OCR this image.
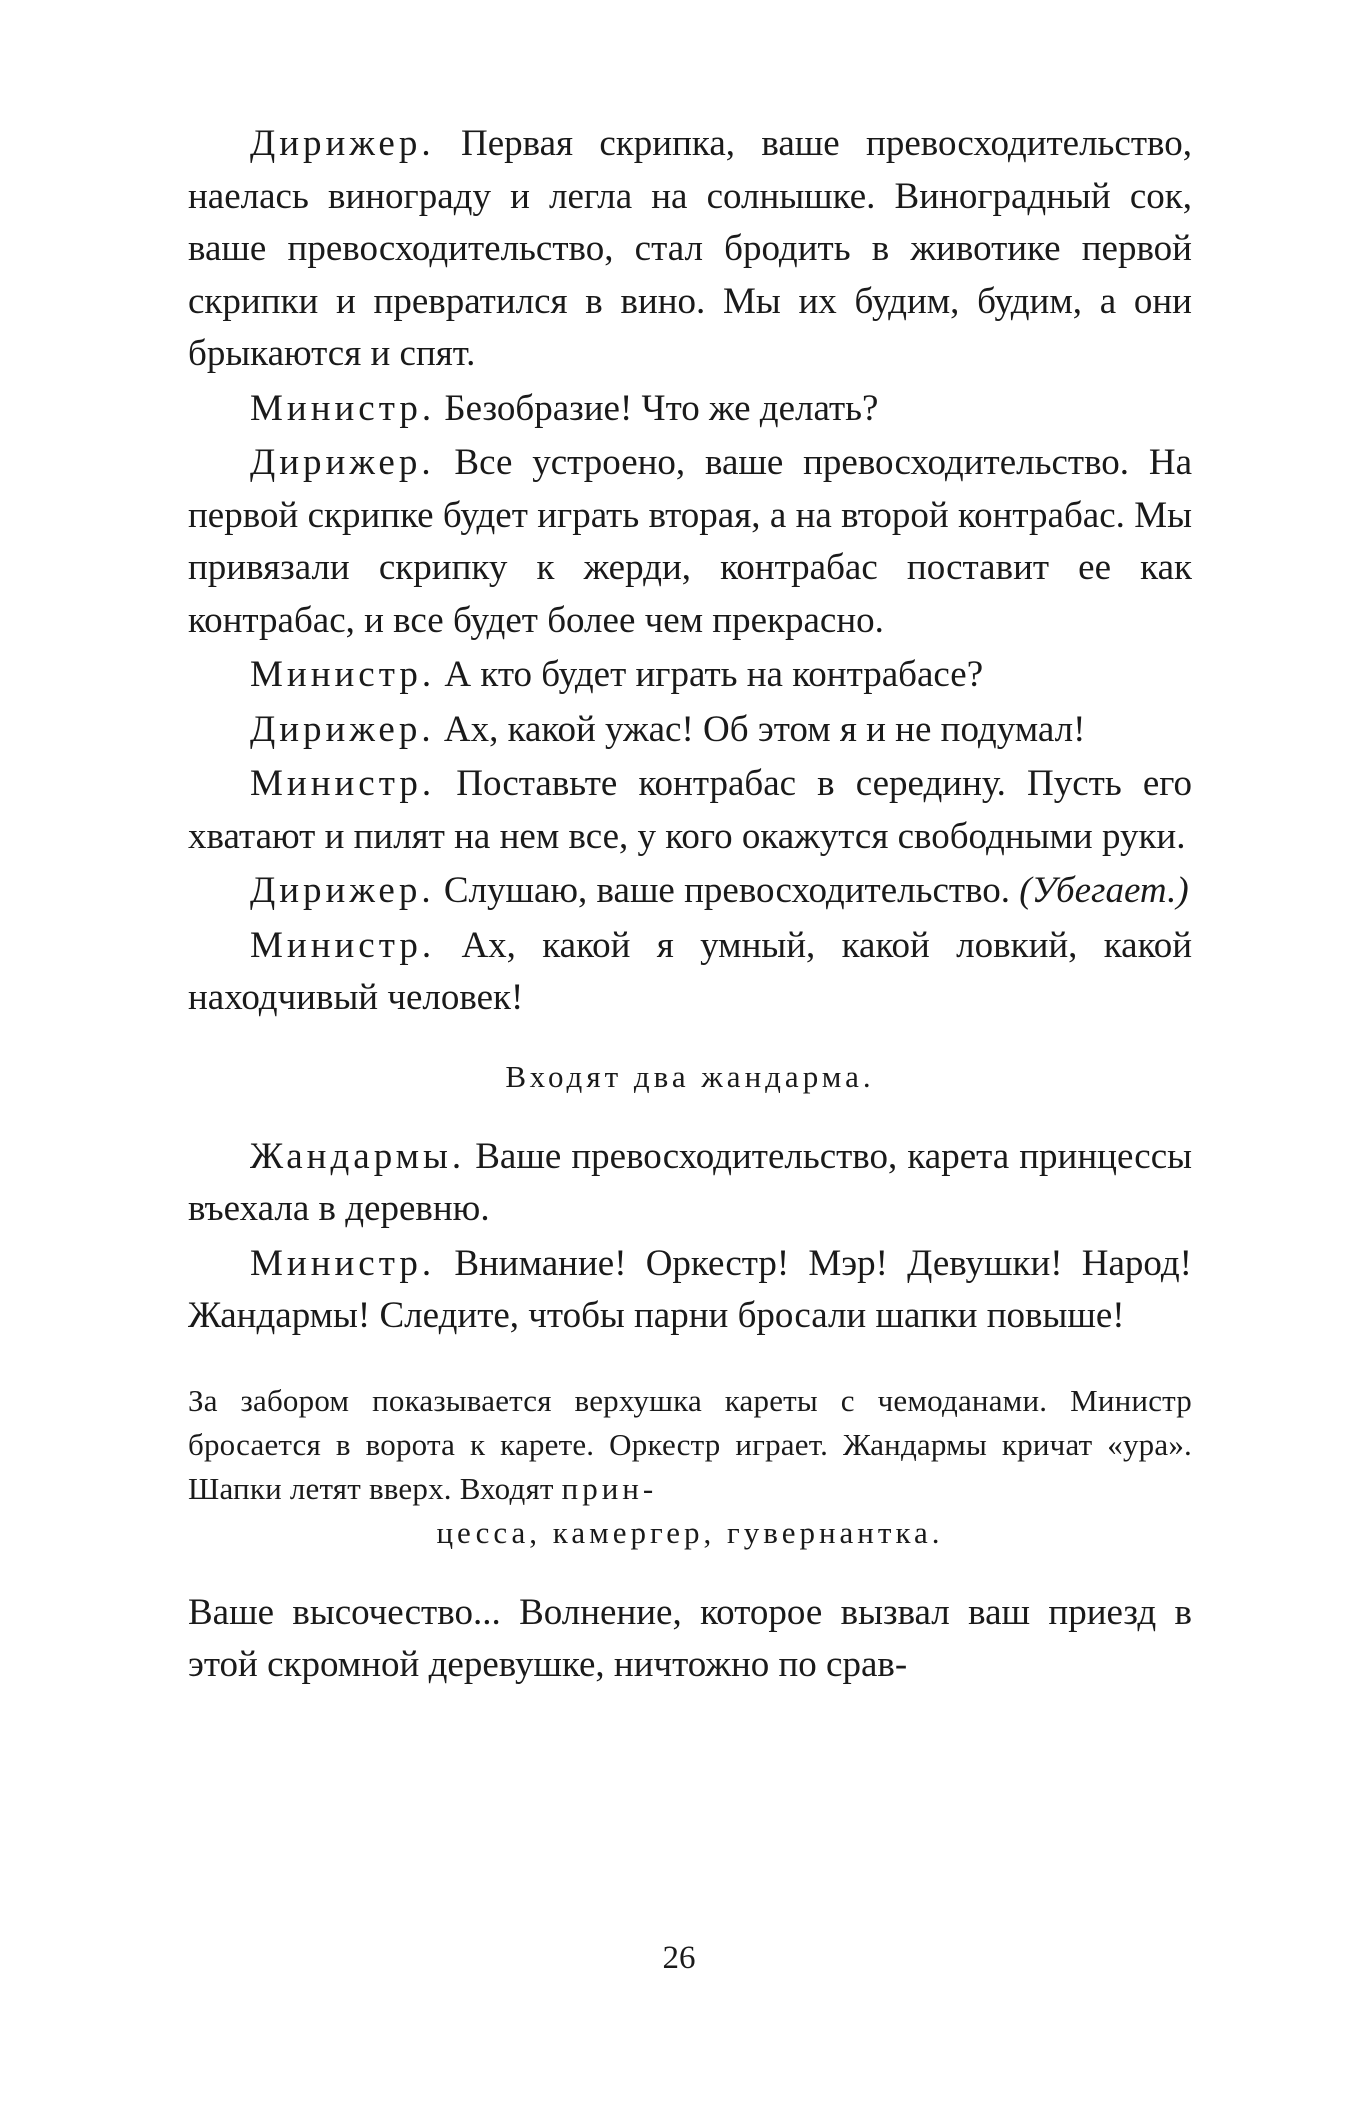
Дирижер. Первая скрипка, ваше превосходительство, наелась винограду и легла на солнышке. Виноградный сок, ваше превосходительство, стал бродить в животике первой скрипки и превратился в вино. Мы их будим, будим, а они брыкаются и спят.

Министр. Безобразие! Что же делать?

Дирижер. Все устроено, ваше превосходительство. На первой скрипке будет играть вторая, а на второй контрабас. Мы привязали скрипку к жерди, контрабас поставит ее как контрабас, и все будет более чем прекрасно.

Министр. А кто будет играть на контрабасе?

Дирижер. Ах, какой ужас! Об этом я и не подумал!

Министр. Поставьте контрабас в середину. Пусть его хватают и пилят на нем все, у кого окажутся свободными руки.

Дирижер. Слушаю, ваше превосходительство. (Убегает.)

Министр. Ах, какой я умный, какой ловкий, какой находчивый человек!

Входят два жандарма.

Жандармы. Ваше превосходительство, карета принцессы въехала в деревню.

Министр. Внимание! Оркестр! Мэр! Девушки! Народ! Жандармы! Следите, чтобы парни бросали шапки повыше!

За забором показывается верхушка кареты с чемоданами. Министр бросается в ворота к карете. Оркестр играет. Жандармы кричат «ура». Шапки летят вверх. Входят прин-
цесса, камергер, гувернантка.

Ваше высочество... Волнение, которое вызвал ваш приезд в этой скромной деревушке, ничтожно по срав-

26
